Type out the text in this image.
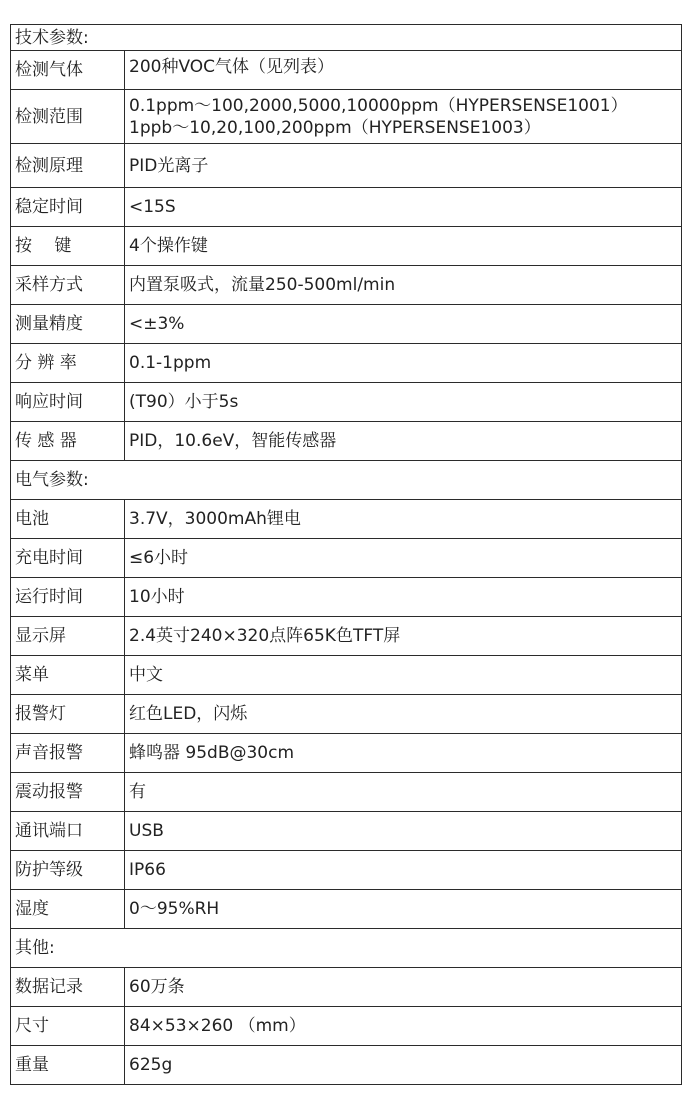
技术参数:	
检测气体	200种VOC气体（见列表）
检测范围	0.1ppm～100,2000,5000,10000ppm（HYPERSENSE1001）
1ppb～10,20,100,200ppm（HYPERSENSE1003）

检测原理	PID光离子
稳定时间	<15S
按　 键	4个操作键
采样方式	内置泵吸式，流量250-500ml/min
测量精度	<±3%
分 辨 率	0.1-1ppm
响应时间	(T90）小于5s
传 感 器	PID，10.6eV，智能传感器
电气参数:	
电池	3.7V，3000mAh锂电
充电时间	≤6小时
运行时间	10小时
显示屏	2.4英寸240×320点阵65K色TFT屏
菜单	中文
报警灯	红色LED，闪烁
声音报警	蜂鸣器 95dB@30cm
震动报警	有
通讯端口	USB
防护等级	IP66
湿度	0～95%RH
其他:	
数据记录	60万条
尺寸	84×53×260 （mm）
重量	625g
